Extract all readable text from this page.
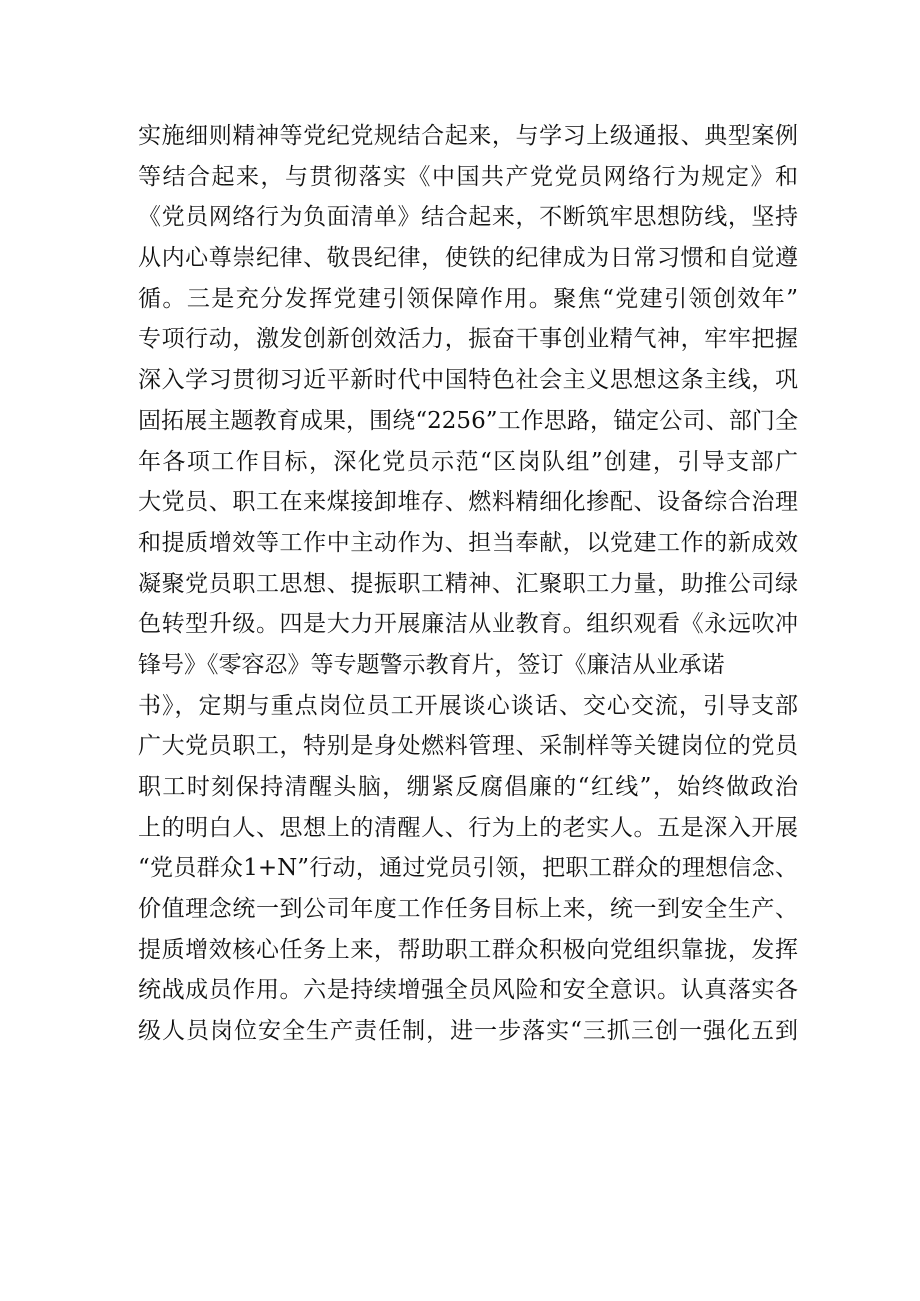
实施细则精神等党纪党规结合起来，与学习上级通报、典型案例
等结合起来，与贯彻落实《中国共产党党员网络行为规定》和
《党员网络行为负面清单》结合起来，不断筑牢思想防线，坚持
从内心尊崇纪律、敬畏纪律，使铁的纪律成为日常习惯和自觉遵
循。三是充分发挥党建引领保障作用。聚焦“党建引领创效年”
专项行动，激发创新创效活力，振奋干事创业精气神，牢牢把握
深入学习贯彻习近平新时代中国特色社会主义思想这条主线，巩
固拓展主题教育成果，围绕“2256”工作思路，锚定公司、部门全
年各项工作目标，深化党员示范“区岗队组”创建，引导支部广
大党员、职工在来煤接卸堆存、燃料精细化掺配、设备综合治理
和提质增效等工作中主动作为、担当奉献，以党建工作的新成效
凝聚党员职工思想、提振职工精神、汇聚职工力量，助推公司绿
色转型升级。四是大力开展廉洁从业教育。组织观看《永远吹冲
锋号》《零容忍》等专题警示教育片，签订《廉洁从业承诺
书》，定期与重点岗位员工开展谈心谈话、交心交流，引导支部
广大党员职工，特别是身处燃料管理、采制样等关键岗位的党员
职工时刻保持清醒头脑，绷紧反腐倡廉的“红线”，始终做政治
上的明白人、思想上的清醒人、行为上的老实人。五是深入开展
“党员群众1+N”行动，通过党员引领，把职工群众的理想信念、
价值理念统一到公司年度工作任务目标上来，统一到安全生产、
提质增效核心任务上来，帮助职工群众积极向党组织靠拢，发挥
统战成员作用。六是持续增强全员风险和安全意识。认真落实各
级人员岗位安全生产责任制，进一步落实“三抓三创一强化五到
